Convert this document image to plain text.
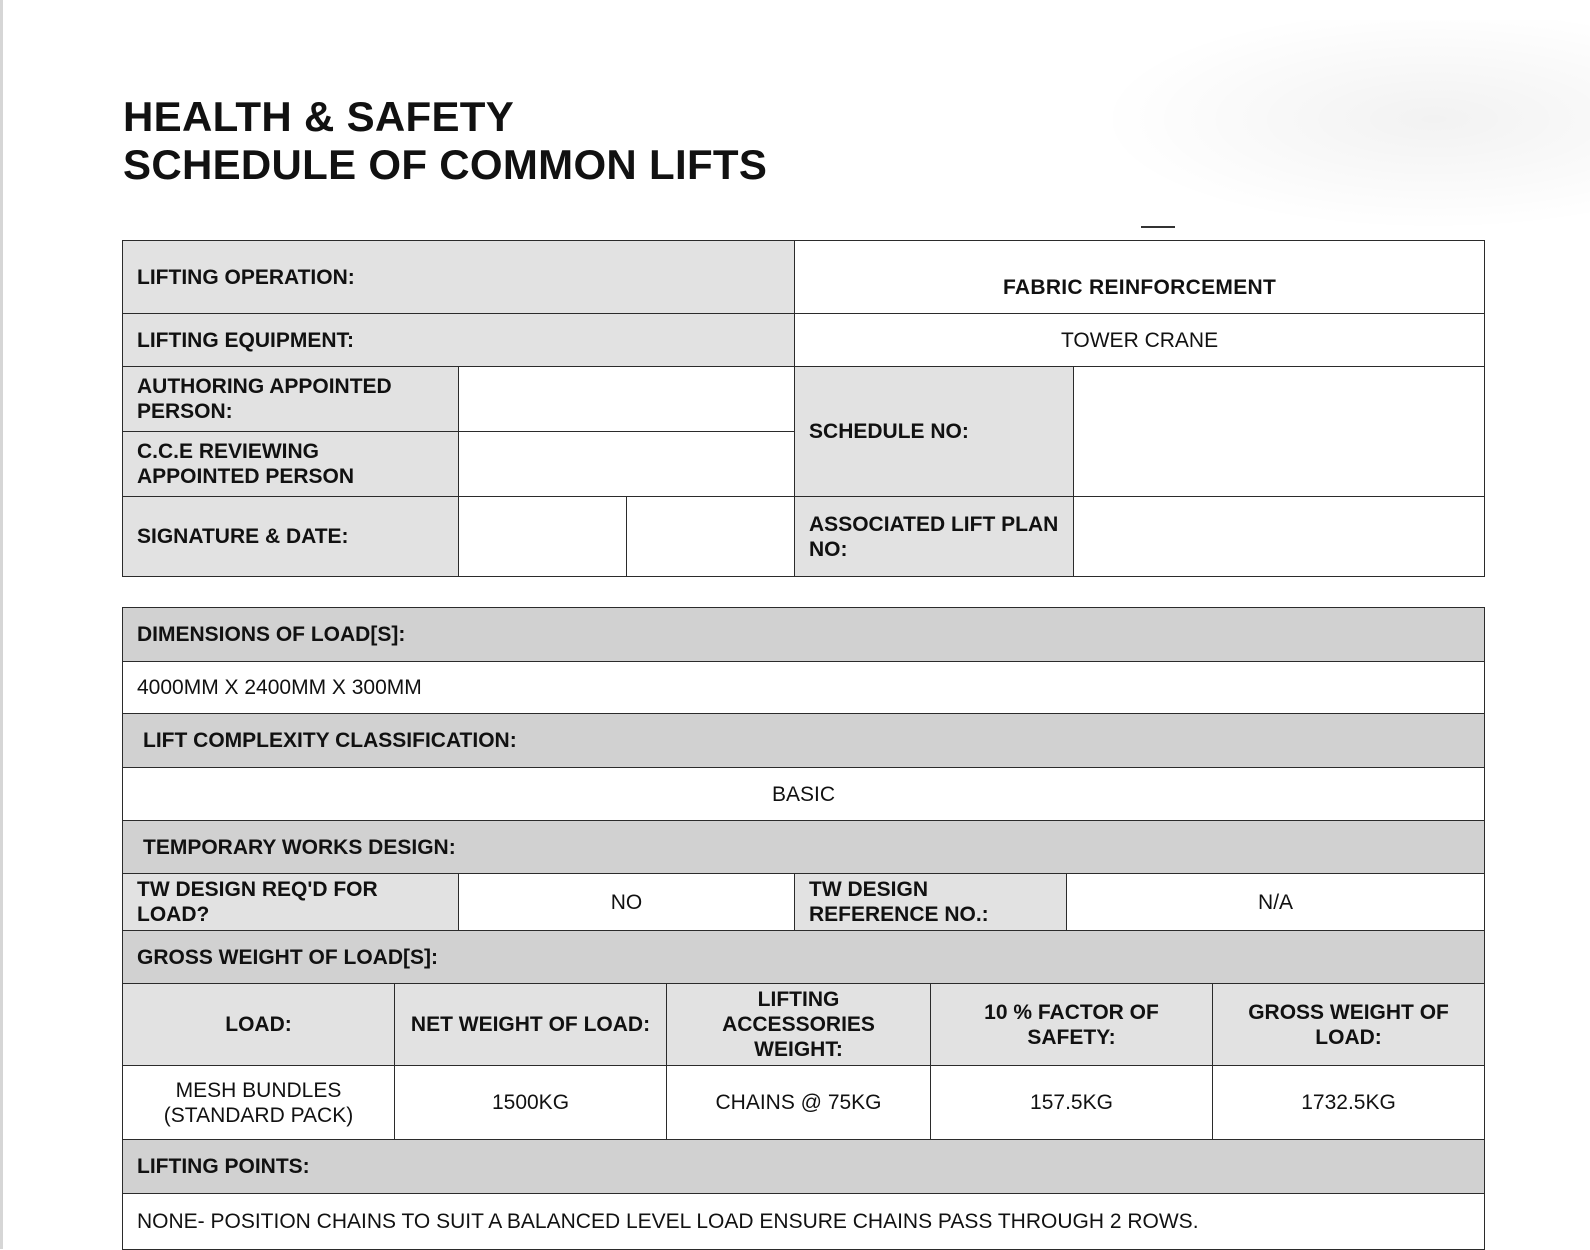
HEALTH & SAFETY
SCHEDULE OF COMMON LIFTS
LIFTING OPERATION:			FABRIC REINFORCEMENT	
LIFTING EQUIPMENT:			TOWER CRANE	
AUTHORING APPOINTED PERSON:			SCHEDULE NO:	
C.C.E REVIEWING APPOINTED PERSON				
SIGNATURE & DATE:			ASSOCIATED LIFT PLAN NO:	
DIMENSIONS OF LOAD[S]:							
4000MM X 2400MM X 300MM							
LIFT COMPLEXITY CLASSIFICATION:							
BASIC							
TEMPORARY WORKS DESIGN:							
TW DESIGN REQ'D FOR LOAD?		NO		TW DESIGN REFERENCE NO.:		N/A	
GROSS WEIGHT OF LOAD[S]:							
LOAD:	NET WEIGHT OF LOAD:		LIFTING ACCESSORIES WEIGHT:		10 % FACTOR OF SAFETY:		GROSS WEIGHT OF LOAD:
MESH BUNDLES (STANDARD PACK)	1500KG		CHAINS @ 75KG		157.5KG		1732.5KG
LIFTING POINTS:							
NONE- POSITION CHAINS TO SUIT A BALANCED LEVEL LOAD ENSURE CHAINS PASS THROUGH 2 ROWS.							
